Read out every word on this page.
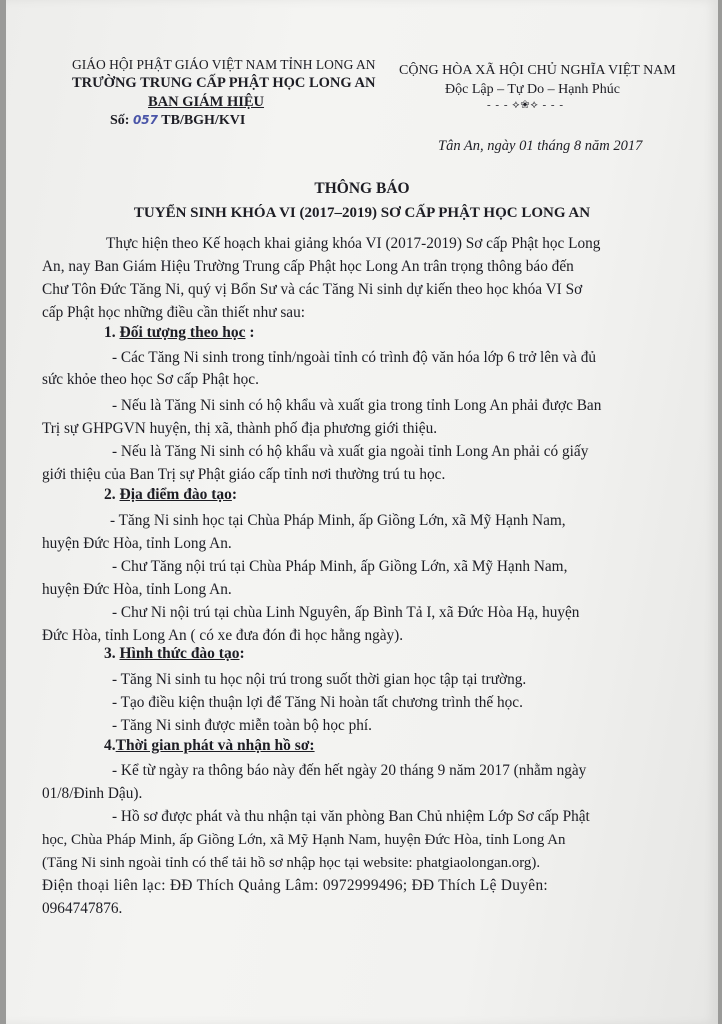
GIÁO HỘI PHẬT GIÁO VIỆT NAM TỈNH LONG AN
TRƯỜNG TRUNG CẤP PHẬT HỌC LONG AN
BAN GIÁM HIỆU
Số: 057 TB/BGH/KVI
CỘNG HÒA XÃ HỘI CHỦ NGHĨA VIỆT NAM
Độc Lập – Tự Do – Hạnh Phúc
- - - ⟡❀⟡ - - -
Tân An, ngày 01 tháng 8 năm 2017
THÔNG BÁO
TUYỂN SINH KHÓA VI (2017–2019) SƠ CẤP PHẬT HỌC LONG AN
Thực hiện theo Kế hoạch khai giảng khóa VI (2017-2019) Sơ cấp Phật học Long
An, nay Ban Giám Hiệu Trường Trung cấp Phật học Long An trân trọng thông báo đến
Chư Tôn Đức Tăng Ni, quý vị Bổn Sư và các Tăng Ni sinh dự kiến theo học khóa VI Sơ
cấp Phật học những điều cần thiết như sau:
1. Đối tượng theo học :
- Các Tăng Ni sinh trong tỉnh/ngoài tỉnh có trình độ văn hóa lớp 6 trở lên và đủ
sức khỏe theo học Sơ cấp Phật học.
- Nếu là Tăng Ni sinh có hộ khẩu và xuất gia trong tỉnh Long An phải được Ban
Trị sự GHPGVN huyện, thị xã, thành phố địa phương giới thiệu.
- Nếu là Tăng Ni sinh có hộ khẩu và xuất gia ngoài tỉnh Long An phải có giấy
giới thiệu của Ban Trị sự Phật giáo cấp tỉnh nơi thường trú tu học.
2. Địa điểm đào tạo:
- Tăng Ni sinh học tại Chùa Pháp Minh, ấp Giồng Lớn, xã Mỹ Hạnh Nam,
huyện Đức Hòa, tỉnh Long An.
- Chư Tăng nội trú tại Chùa Pháp Minh, ấp Giồng Lớn, xã Mỹ Hạnh Nam,
huyện Đức Hòa, tỉnh Long An.
- Chư Ni nội trú tại chùa Linh Nguyên, ấp Bình Tả I, xã Đức Hòa Hạ, huyện
Đức Hòa, tỉnh Long An ( có xe đưa đón đi học hằng ngày).
3. Hình thức đào tạo:
- Tăng Ni sinh tu học nội trú trong suốt thời gian học tập tại trường.
- Tạo điều kiện thuận lợi để Tăng Ni hoàn tất chương trình thế học.
- Tăng Ni sinh được miễn toàn bộ học phí.
4.Thời gian phát và nhận hồ sơ:
- Kể từ ngày ra thông báo này đến hết ngày 20 tháng 9 năm 2017 (nhằm ngày
01/8/Đinh Dậu).
- Hồ sơ được phát và thu nhận tại văn phòng Ban Chủ nhiệm Lớp Sơ cấp Phật
học, Chùa Pháp Minh, ấp Giồng Lớn, xã Mỹ Hạnh Nam, huyện Đức Hòa, tỉnh Long An
(Tăng Ni sinh ngoài tỉnh có thể tải hồ sơ nhập học tại website: phatgiaolongan.org).
Điện thoại liên lạc: ĐĐ Thích Quảng Lâm: 0972999496; ĐĐ Thích Lệ Duyên:
0964747876.
